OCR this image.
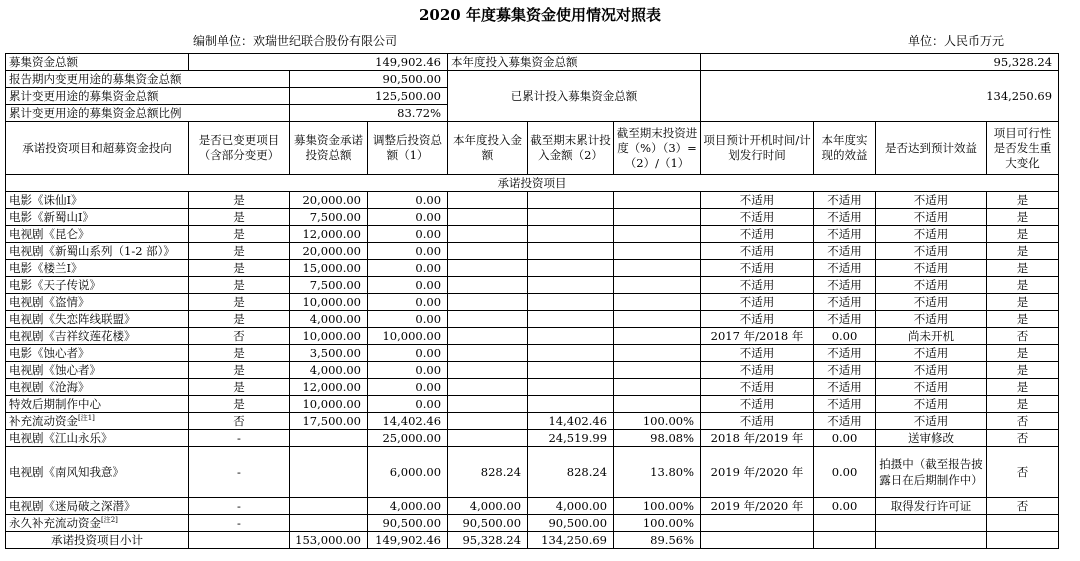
2020 年度募集资金使用情况对照表
编制单位：欢瑞世纪联合股份有限公司	单位：人民币万元
募集资金总额	149,902.46			本年度投入募集资金总额			95,328.24			
报告期内变更用途的募集资金总额		90,500.00		已累计投入募集资金总额			134,250.69			
累计变更用途的募集资金总额		125,500.00								
累计变更用途的募集资金总额比例		83.72%								
承诺投资项目和超募资金投向	是否已变更项目（含部分变更）	募集资金承诺投资总额	调整后投资总额（1）	本年度投入金额	截至期末累计投入金额（2）	截至期末投资进度（%）（3）=（2）/（1）	项目预计开机时间/计划发行时间	本年度实现的效益	是否达到预计效益	项目可行性是否发生重大变化
承诺投资项目										
电影《诛仙Ⅰ》	是	20,000.00	0.00				不适用	不适用	不适用	是
电影《新蜀山Ⅰ》	是	7,500.00	0.00				不适用	不适用	不适用	是
电视剧《昆仑》	是	12,000.00	0.00				不适用	不适用	不适用	是
电视剧《新蜀山系列（1-2 部）》	是	20,000.00	0.00				不适用	不适用	不适用	是
电影《楼兰Ⅰ》	是	15,000.00	0.00				不适用	不适用	不适用	是
电影《天子传说》	是	7,500.00	0.00				不适用	不适用	不适用	是
电视剧《盗情》	是	10,000.00	0.00				不适用	不适用	不适用	是
电视剧《失恋阵线联盟》	是	4,000.00	0.00				不适用	不适用	不适用	是
电视剧《吉祥纹莲花楼》	否	10,000.00	10,000.00				2017 年/2018 年	0.00	尚未开机	否
电影《蚀心者》	是	3,500.00	0.00				不适用	不适用	不适用	是
电视剧《蚀心者》	是	4,000.00	0.00				不适用	不适用	不适用	是
电视剧《沧海》	是	12,000.00	0.00				不适用	不适用	不适用	是
特效后期制作中心	是	10,000.00	0.00				不适用	不适用	不适用	是
补充流动资金[注1]	否	17,500.00	14,402.46		14,402.46	100.00%	不适用	不适用	不适用	否
电视剧《江山永乐》	-		25,000.00		24,519.99	98.08%	2018 年/2019 年	0.00	送审修改	否
电视剧《南风知我意》	-		6,000.00	828.24	828.24	13.80%	2019 年/2020 年	0.00	拍摄中（截至报告披露日在后期制作中）	否
电视剧《迷局破之深潜》	-		4,000.00	4,000.00	4,000.00	100.00%	2019 年/2020 年	0.00	取得发行许可证	否
永久补充流动资金[注2]	-		90,500.00	90,500.00	90,500.00	100.00%				
承诺投资项目小计		153,000.00	149,902.46	95,328.24	134,250.69	89.56%				
